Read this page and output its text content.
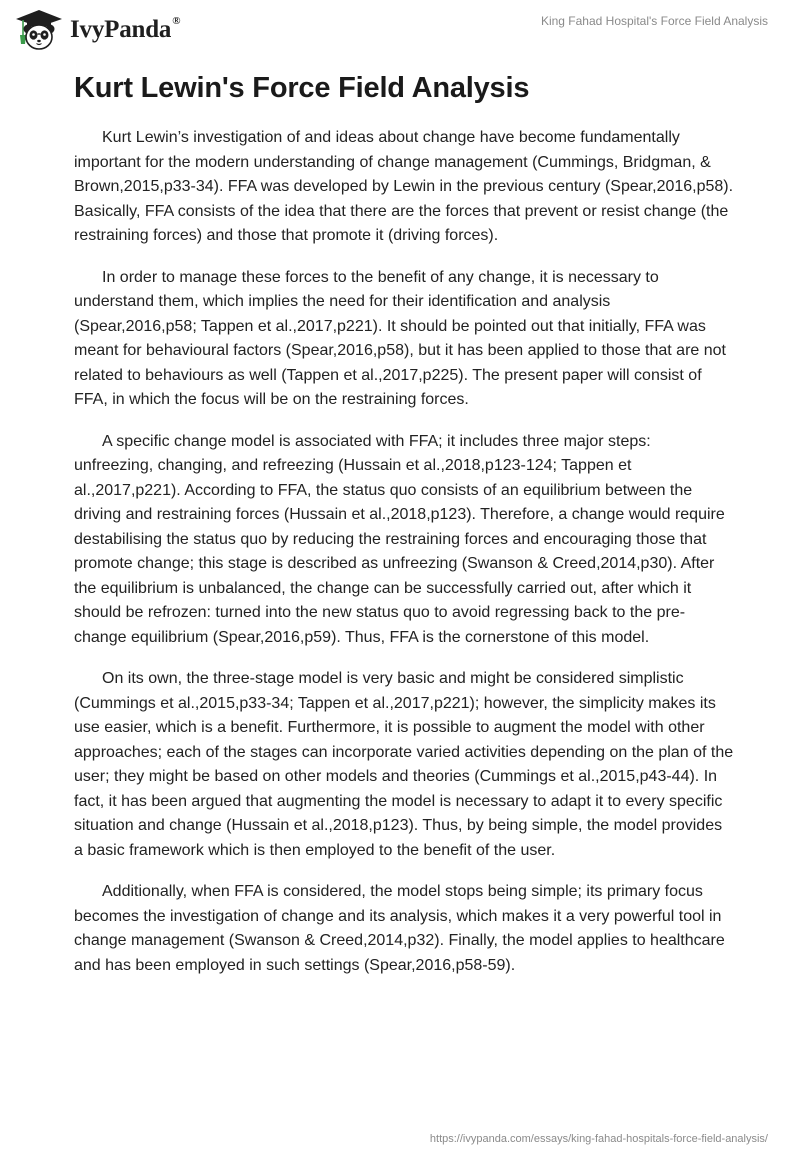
IvyPanda®	King Fahad Hospital's Force Field Analysis
Kurt Lewin's Force Field Analysis

Kurt Lewin’s investigation of and ideas about change have become fundamentally important for the modern understanding of change management (Cummings, Bridgman, & Brown,2015,p33-34). FFA was developed by Lewin in the previous century (Spear,2016,p58). Basically, FFA consists of the idea that there are the forces that prevent or resist change (the restraining forces) and those that promote it (driving forces).

In order to manage these forces to the benefit of any change, it is necessary to understand them, which implies the need for their identification and analysis (Spear,2016,p58; Tappen et al.,2017,p221). It should be pointed out that initially, FFA was meant for behavioural factors (Spear,2016,p58), but it has been applied to those that are not related to behaviours as well (Tappen et al.,2017,p225). The present paper will consist of FFA, in which the focus will be on the restraining forces.

A specific change model is associated with FFA; it includes three major steps: unfreezing, changing, and refreezing (Hussain et al.,2018,p123-124; Tappen et al.,2017,p221). According to FFA, the status quo consists of an equilibrium between the driving and restraining forces (Hussain et al.,2018,p123). Therefore, a change would require destabilising the status quo by reducing the restraining forces and encouraging those that promote change; this stage is described as unfreezing (Swanson & Creed,2014,p30). After the equilibrium is unbalanced, the change can be successfully carried out, after which it should be refrozen: turned into the new status quo to avoid regressing back to the pre-change equilibrium (Spear,2016,p59). Thus, FFA is the cornerstone of this model.

On its own, the three-stage model is very basic and might be considered simplistic (Cummings et al.,2015,p33-34; Tappen et al.,2017,p221); however, the simplicity makes its use easier, which is a benefit. Furthermore, it is possible to augment the model with other approaches; each of the stages can incorporate varied activities depending on the plan of the user; they might be based on other models and theories (Cummings et al.,2015,p43-44). In fact, it has been argued that augmenting the model is necessary to adapt it to every specific situation and change (Hussain et al.,2018,p123). Thus, by being simple, the model provides a basic framework which is then employed to the benefit of the user.

Additionally, when FFA is considered, the model stops being simple; its primary focus becomes the investigation of change and its analysis, which makes it a very powerful tool in change management (Swanson & Creed,2014,p32). Finally, the model applies to healthcare and has been employed in such settings (Spear,2016,p58-59).

https://ivypanda.com/essays/king-fahad-hospitals-force-field-analysis/
